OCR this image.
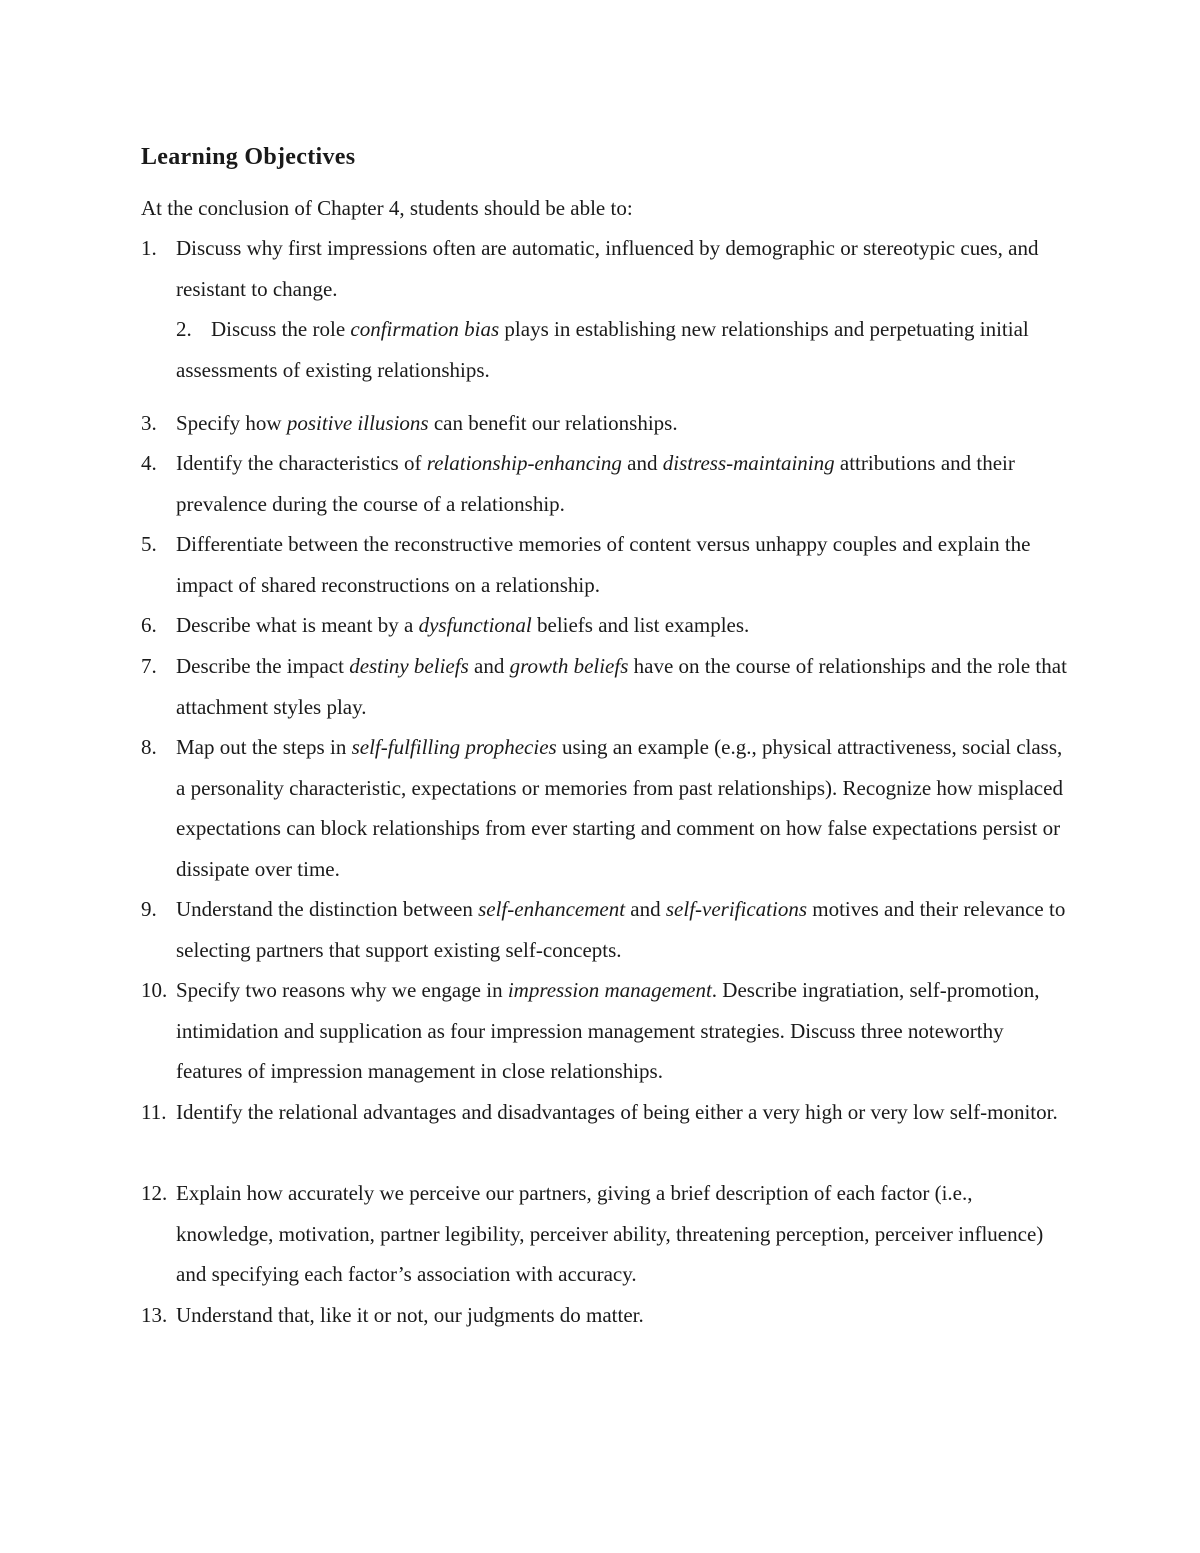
Learning Objectives

At the conclusion of Chapter 4, students should be able to:

1. Discuss why first impressions often are automatic, influenced by demographic or stereotypic cues, and resistant to change.
2. Discuss the role confirmation bias plays in establishing new relationships and perpetuating initial assessments of existing relationships.
3. Specify how positive illusions can benefit our relationships.
4. Identify the characteristics of relationship-enhancing and distress-maintaining attributions and their prevalence during the course of a relationship.
5. Differentiate between the reconstructive memories of content versus unhappy couples and explain the impact of shared reconstructions on a relationship.
6. Describe what is meant by a dysfunctional beliefs and list examples.
7. Describe the impact destiny beliefs and growth beliefs have on the course of relationships and the role that attachment styles play.
8. Map out the steps in self-fulfilling prophecies using an example (e.g., physical attractiveness, social class, a personality characteristic, expectations or memories from past relationships). Recognize how misplaced expectations can block relationships from ever starting and comment on how false expectations persist or dissipate over time.
9. Understand the distinction between self-enhancement and self-verifications motives and their relevance to selecting partners that support existing self-concepts.
10. Specify two reasons why we engage in impression management. Describe ingratiation, self-promotion, intimidation and supplication as four impression management strategies. Discuss three noteworthy features of impression management in close relationships.
11. Identify the relational advantages and disadvantages of being either a very high or very low self-monitor.
12. Explain how accurately we perceive our partners, giving a brief description of each factor (i.e., knowledge, motivation, partner legibility, perceiver ability, threatening perception, perceiver influence) and specifying each factor’s association with accuracy.
13. Understand that, like it or not, our judgments do matter.
